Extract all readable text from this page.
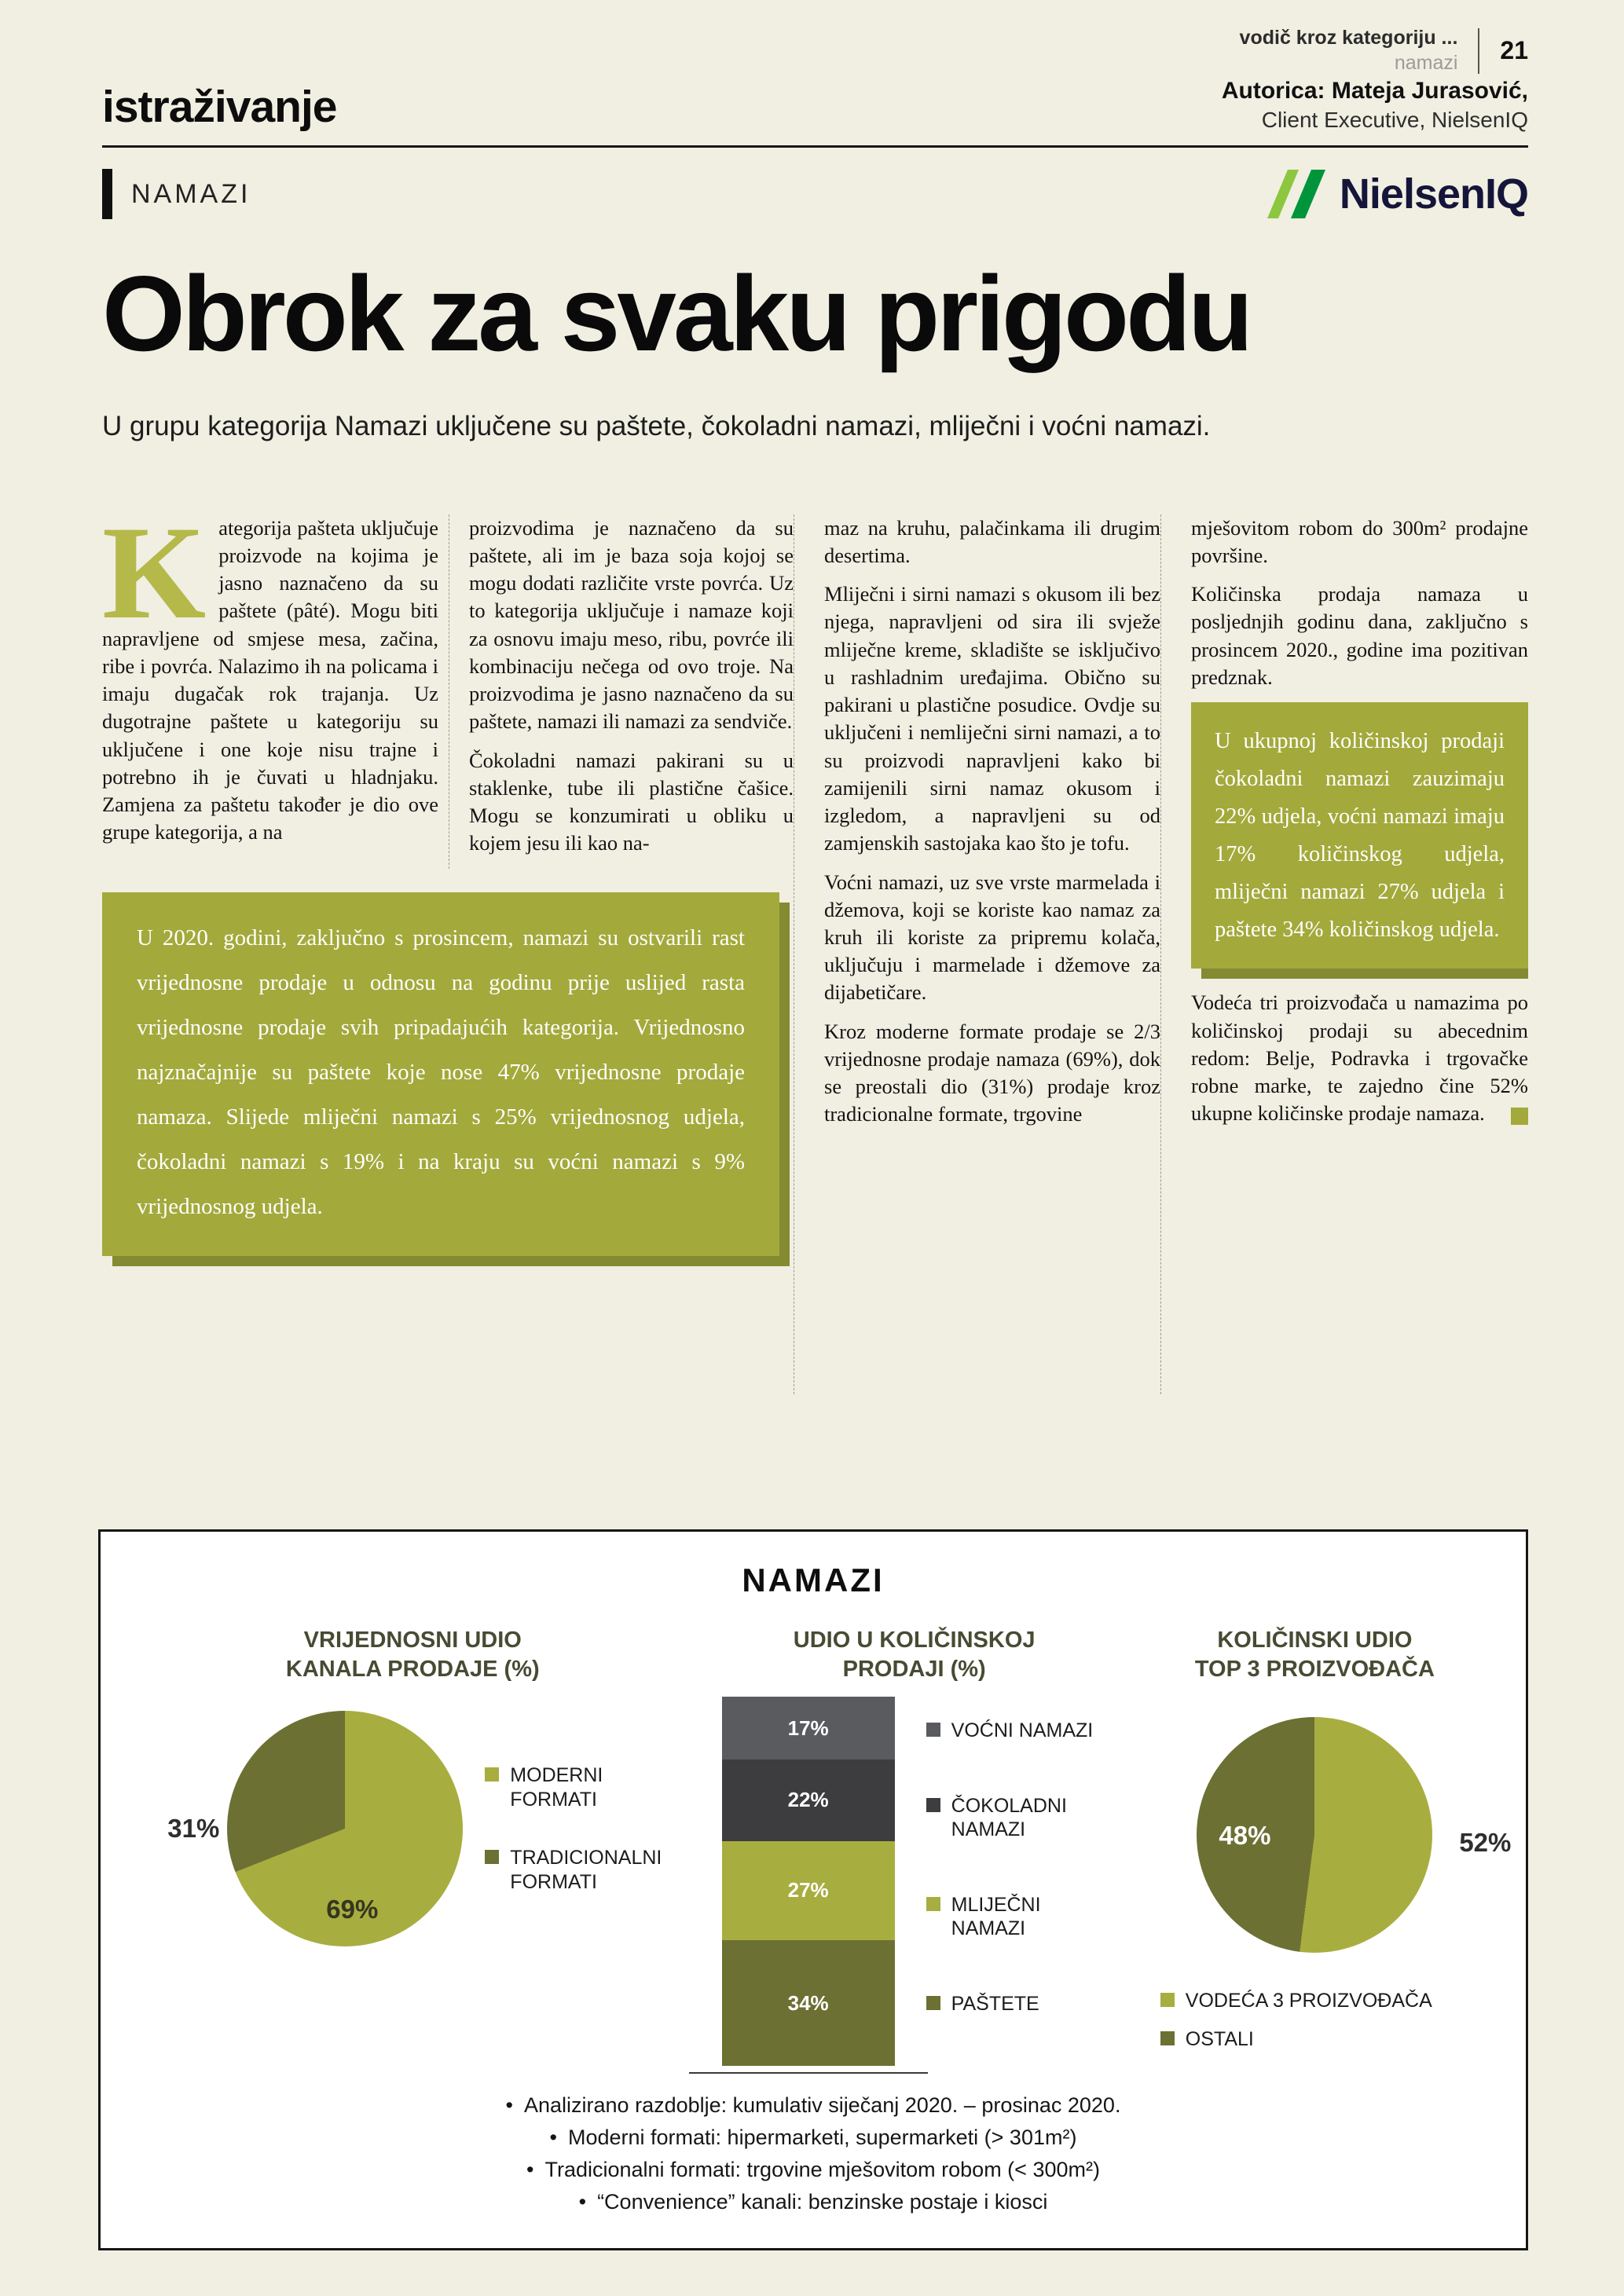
vodič kroz kategoriju ...
namazi 21
istraživanje	Autorica: Mateja Jurasović,
Client Executive, NielsenIQ
NAMAZI	NielsenIQ
Obrok za svaku prigodu

U grupu kategorija Namazi uključene su paštete, čokoladni namazi, mliječni i voćni namazi.

Kategorija pašteta uključuje proizvode na kojima je jasno naznačeno da su paštete (pâté). Mogu biti napravljene od smjese mesa, začina, ribe i povrća. Nalazimo ih na policama i imaju dugačak rok trajanja. Uz dugotrajne paštete u kategoriju su uključene i one koje nisu trajne i potrebno ih je čuvati u hladnjaku. Zamjena za paštetu također je dio ove grupe kategorija, a na

proizvodima je naznačeno da su paštete, ali im je baza soja kojoj se mogu dodati različite vrste povrća. Uz to kategorija uključuje i namaze koji za osnovu imaju meso, ribu, povrće ili kombinaciju nečega od ovo troje. Na proizvodima je jasno naznačeno da su paštete, namazi ili namazi za sendviče.

Čokoladni namazi pakirani su u staklenke, tube ili plastične čašice. Mogu se konzumirati u obliku u kojem jesu ili kao na-

U 2020. godini, zaključno s prosincem, namazi su ostvarili rast vrijednosne prodaje u odnosu na godinu prije uslijed rasta vrijednosne prodaje svih pripadajućih kategorija. Vrijednosno najznačajnije su paštete koje nose 47% vrijednosne prodaje namaza. Slijede mliječni namazi s 25% vrijednosnog udjela, čokoladni namazi s 19% i na kraju su voćni namazi s 9% vrijednosnog udjela.

maz na kruhu, palačinkama ili drugim desertima.

Mliječni i sirni namazi s okusom ili bez njega, napravljeni od sira ili svježe mliječne kreme, skladište se isključivo u rashladnim uređajima. Obično su pakirani u plastične posudice. Ovdje su uključeni i nemliječni sirni namazi, a to su proizvodi napravljeni kako bi zamijenili sirni namaz okusom i izgledom, a napravljeni su od zamjenskih sastojaka kao što je tofu.

Voćni namazi, uz sve vrste marmelada i džemova, koji se koriste kao namaz za kruh ili koriste za pripremu kolača, uključuju i marmelade i džemove za dijabetičare.

Kroz moderne formate prodaje se 2/3 vrijednosne prodaje namaza (69%), dok se preostali dio (31%) prodaje kroz tradicionalne formate, trgovine

mješovitom robom do 300m² prodajne površine.

Količinska prodaja namaza u posljednjih godinu dana, zaključno s prosincem 2020., godine ima pozitivan predznak.

U ukupnoj količinskoj prodaji čokoladni namazi zauzimaju 22% udjela, voćni namazi imaju 17% količinskog udjela, mliječni namazi 27% udjela i paštete 34% količinskog udjela.

Vodeća tri proizvođača u namazima po količinskoj prodaji su abecednim redom: Belje, Podravka i trgovačke robne marke, te zajedno čine 52% ukupne količinske prodaje namaza.

NAMAZI
VRIJEDNOSNI UDIO
KANALA PRODAJE (%)
31%
69%
MODERNI FORMATI
TRADICIONALNI FORMATI
UDIO U KOLIČINSKOJ
PRODAJI (%)
17%
22%
27%
34%
VOĆNI NAMAZI
ČOKOLADNI NAMAZI
MLIJEČNI NAMAZI
PAŠTETE
KOLIČINSKI UDIO
TOP 3 PROIZVOĐAČA
48%	52%
VODEĆA 3 PROIZVOĐAČA
OSTALI
• Analizirano razdoblje: kumulativ siječanj 2020. – prosinac 2020.
• Moderni formati: hipermarketi, supermarketi (> 301m²)
• Tradicionalni formati: trgovine mješovitom robom (< 300m²)
• “Convenience” kanali: benzinske postaje i kiosci
